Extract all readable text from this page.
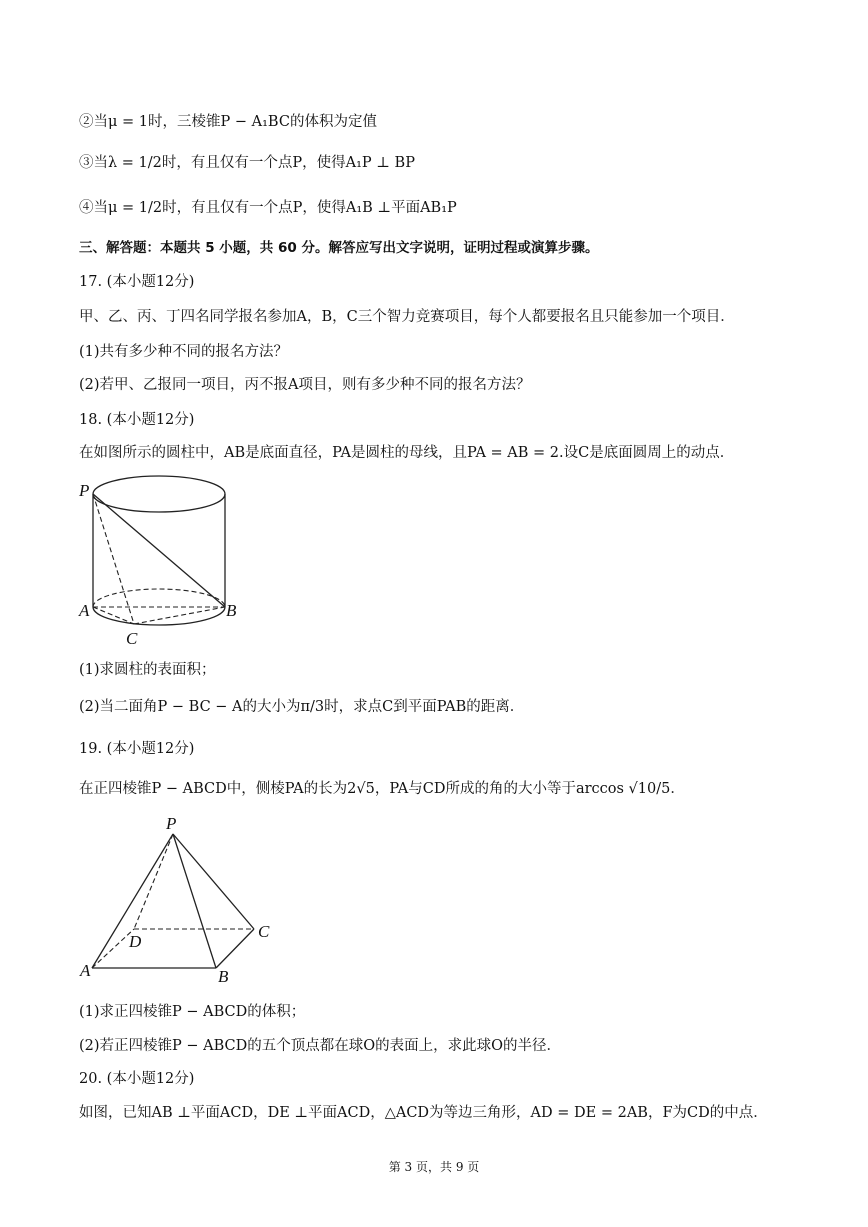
②当μ = 1时，三棱锥P − A₁BC的体积为定值
③当λ = 1/2时，有且仅有一个点P，使得A₁P ⊥ BP
④当μ = 1/2时，有且仅有一个点P，使得A₁B ⊥平面AB₁P
三、解答题：本题共 5 小题，共 60 分。解答应写出文字说明，证明过程或演算步骤。
17. (本小题12分)
甲、乙、丙、丁四名同学报名参加A，B，C三个智力竞赛项目，每个人都要报名且只能参加一个项目．
(1)共有多少种不同的报名方法？
(2)若甲、乙报同一项目，丙不报A项目，则有多少种不同的报名方法？
18. (本小题12分)
在如图所示的圆柱中，AB是底面直径，PA是圆柱的母线，且PA = AB = 2.设C是底面圆周上的动点．
P
A	B
C
(1)求圆柱的表面积；
(2)当二面角P − BC − A的大小为π/3时，求点C到平面PAB的距离．
19. (本小题12分)
在正四棱锥P − ABCD中，侧棱PA的长为2√5，PA与CD所成的角的大小等于arccos √10/5．
P
A	B
C
D
(1)求正四棱锥P − ABCD的体积；
(2)若正四棱锥P − ABCD的五个顶点都在球O的表面上，求此球O的半径．
20. (本小题12分)
如图，已知AB ⊥平面ACD，DE ⊥平面ACD，△ACD为等边三角形，AD = DE = 2AB，F为CD的中点．
第 3 页，共 9 页
